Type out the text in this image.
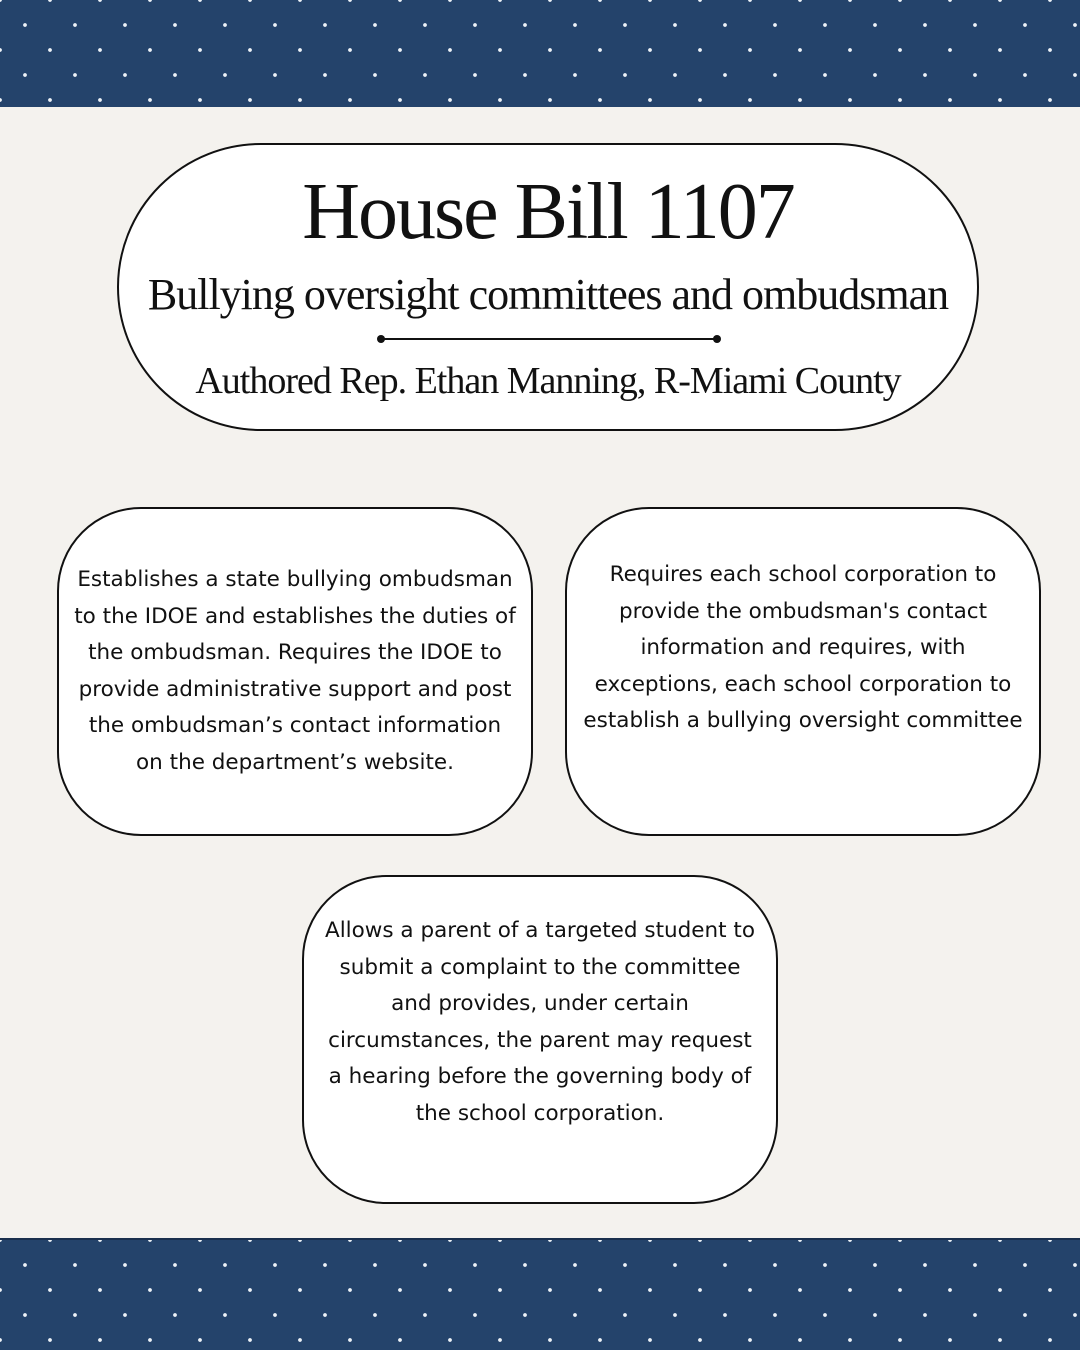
House Bill 1107
Bullying oversight committees and ombudsman
Authored Rep. Ethan Manning, R-Miami County

Establishes a state bullying ombudsman to the IDOE and establishes the duties of the ombudsman. Requires the IDOE to provide administrative support and post the ombudsman’s contact information on the department’s website.

Requires each school corporation to provide the ombudsman's contact information and requires, with exceptions, each school corporation to establish a bullying oversight committee

Allows a parent of a targeted student to submit a complaint to the committee and provides, under certain circumstances, the parent may request a hearing before the governing body of the school corporation.
